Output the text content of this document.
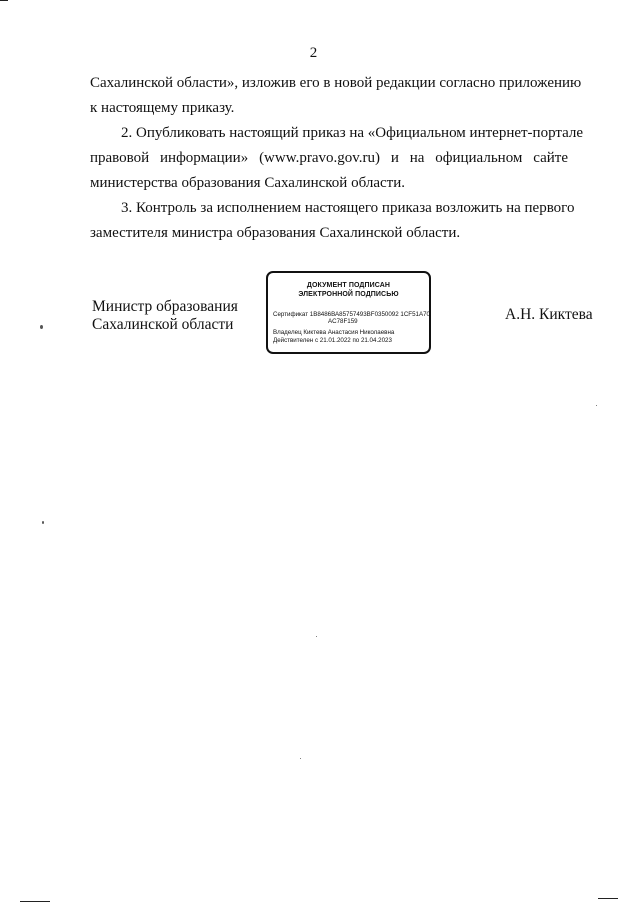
2
Сахалинской области», изложив его в новой редакции согласно приложению
к настоящему приказу.
2. Опубликовать настоящий приказ на «Официальном интернет-портале
правовой информации» (www.pravo.gov.ru) и на официальном сайте
министерства образования Сахалинской области.
3. Контроль за исполнением настоящего приказа возложить на первого
заместителя министра образования Сахалинской области.
Министр образования
Сахалинской области
ДОКУМЕНТ ПОДПИСАН
ЭЛЕКТРОННОЙ ПОДПИСЬЮ
Сертификат 1В8486ВА85757493ВF0350092 1CF51A70
AC78F159
Владелец Киктева Анастасия Николаевна
Действителен с 21.01.2022 по 21.04.2023
А.Н. Киктева
